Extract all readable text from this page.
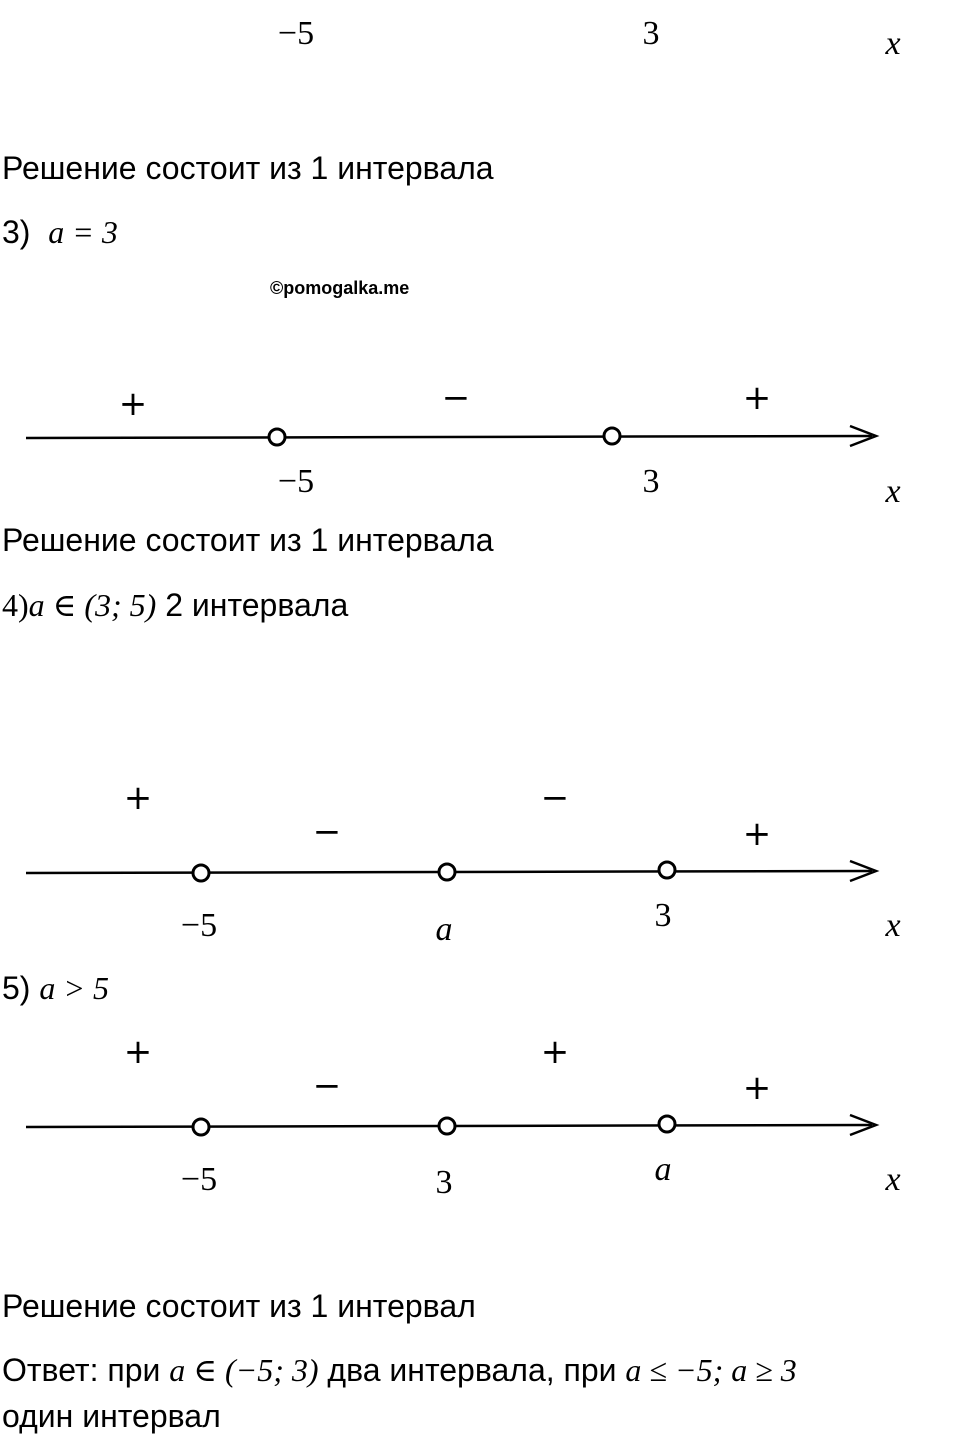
−5	3	x

Решение состоит из 1 интервала

3) a = 3

©pomogalka.me

+	−	+
−5	3	x

Решение состоит из 1 интервала

4)a ∈ (3; 5) 2 интервала

+
−
−
+
−5	a	3	x

5) a > 5

+
−
+
+
−5	3	a	x

Решение состоит из 1 интервал

Ответ: при a ∈ (−5; 3) два интервала, при a ≤ −5; a ≥ 3

один интервал
